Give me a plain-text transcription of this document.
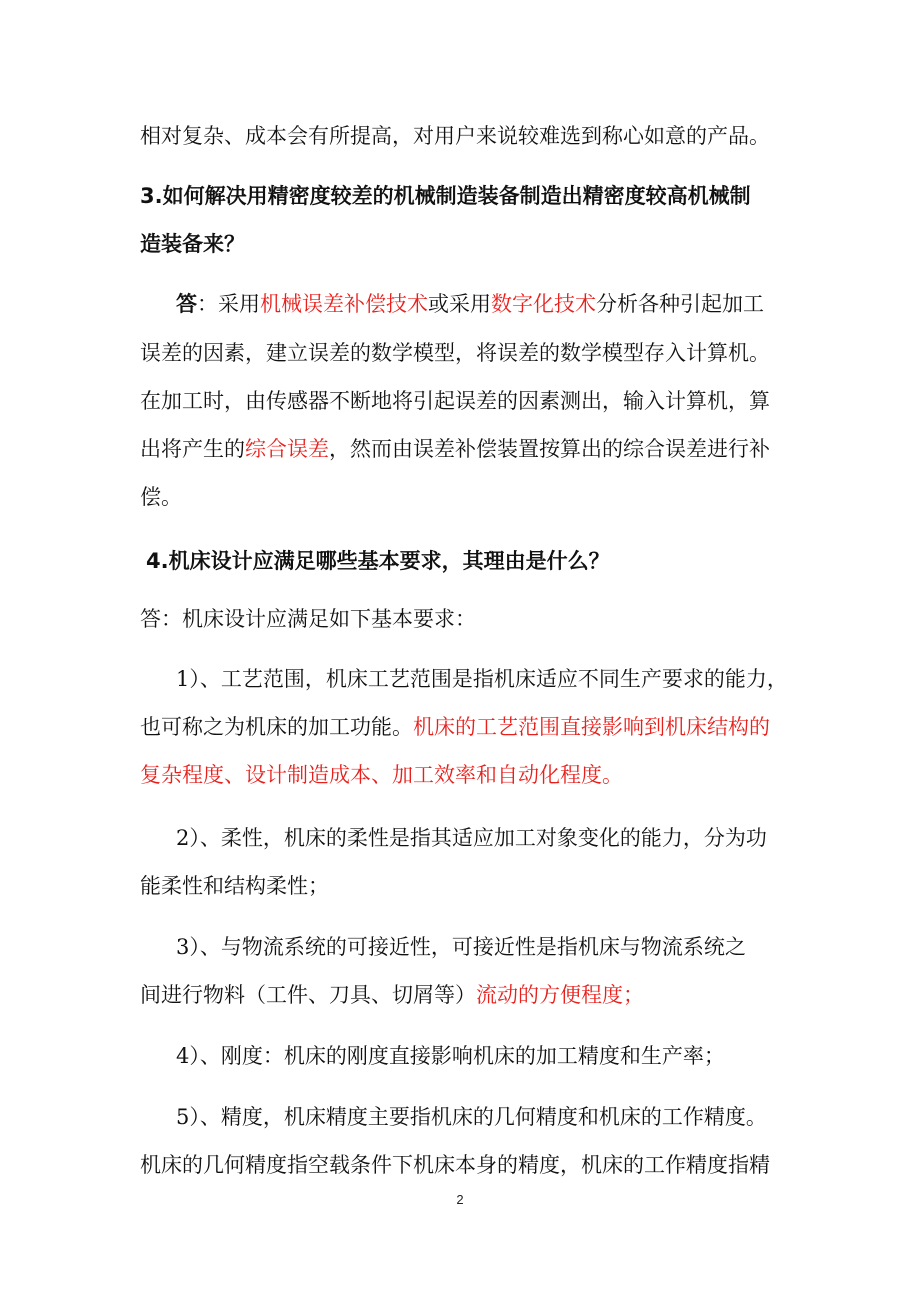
相对复杂、成本会有所提高，对用户来说较难选到称心如意的产品。
3.如何解决用精密度较差的机械制造装备制造出精密度较高机械制
造装备来？
答：采用机械误差补偿技术或采用数字化技术分析各种引起加工
误差的因素，建立误差的数学模型，将误差的数学模型存入计算机。
在加工时，由传感器不断地将引起误差的因素测出，输入计算机，算
出将产生的综合误差，然而由误差补偿装置按算出的综合误差进行补
偿。
4.机床设计应满足哪些基本要求，其理由是什么？
答：机床设计应满足如下基本要求：
1）、工艺范围，机床工艺范围是指机床适应不同生产要求的能力，
也可称之为机床的加工功能。机床的工艺范围直接影响到机床结构的
复杂程度、设计制造成本、加工效率和自动化程度。
2）、柔性，机床的柔性是指其适应加工对象变化的能力，分为功
能柔性和结构柔性；
3）、与物流系统的可接近性，可接近性是指机床与物流系统之
间进行物料（工件、刀具、切屑等）流动的方便程度；
4）、刚度：机床的刚度直接影响机床的加工精度和生产率；
5）、精度，机床精度主要指机床的几何精度和机床的工作精度。
机床的几何精度指空载条件下机床本身的精度，机床的工作精度指精
2
